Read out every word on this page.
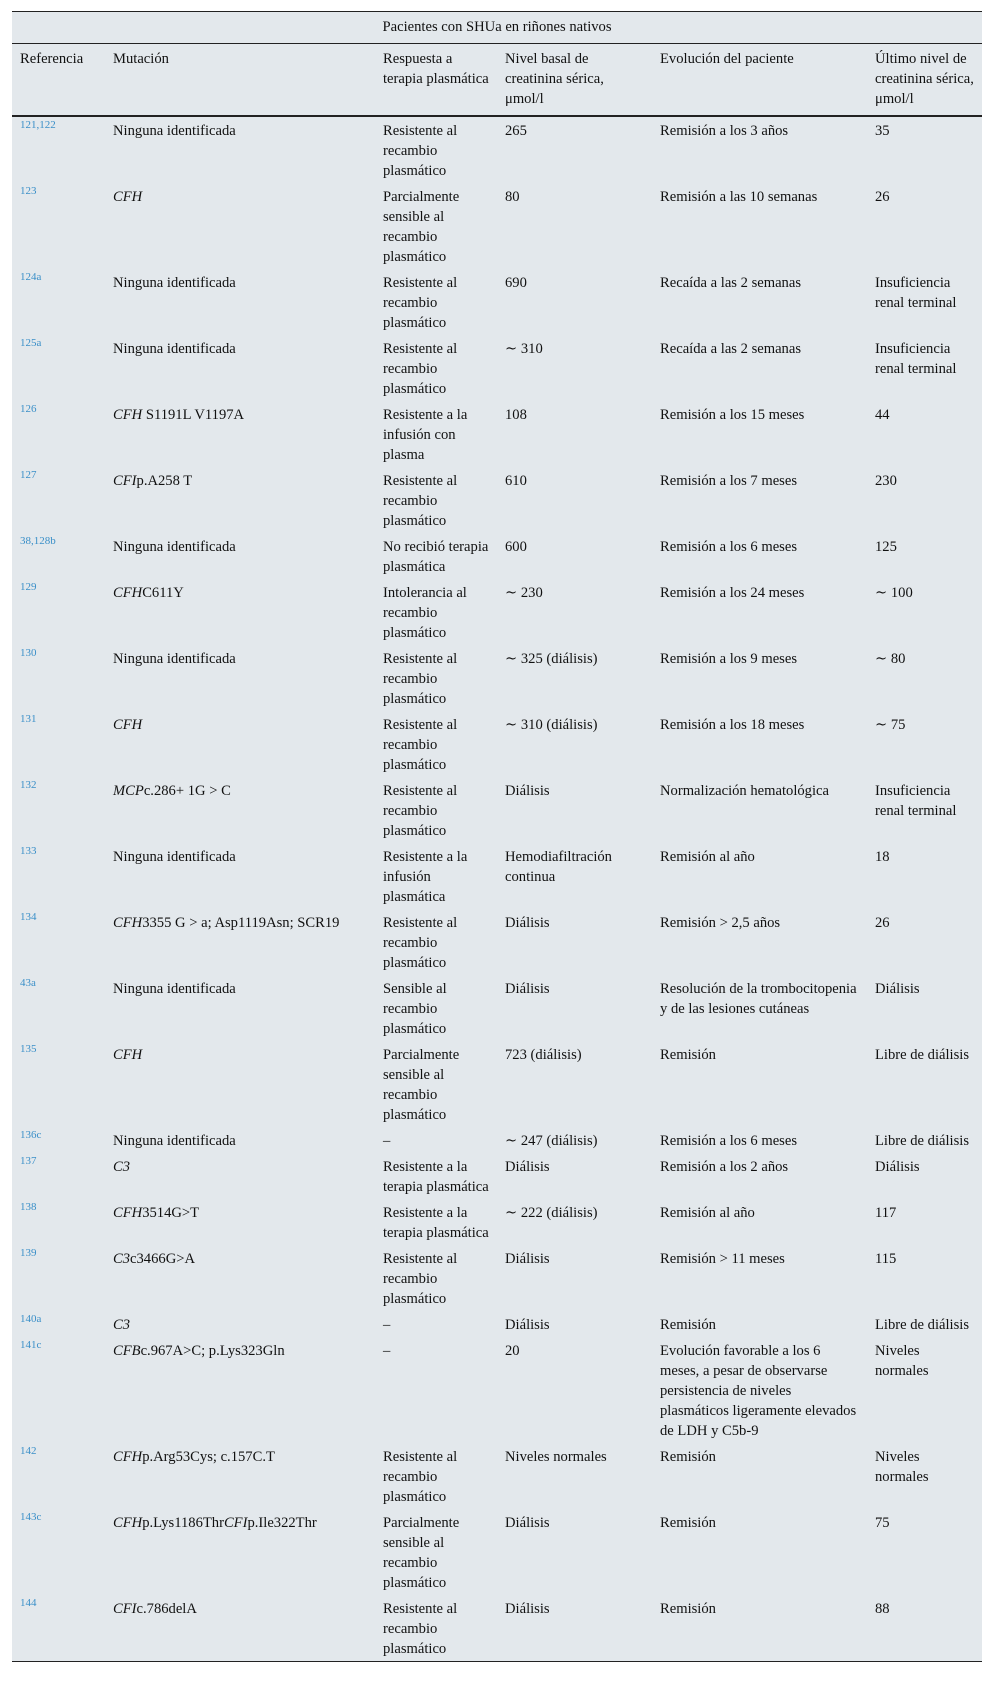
Pacientes con SHUa en riñones nativos					
Referencia	Mutación	Respuesta a terapia plasmática	Nivel basal de creatinina sérica, μmol/l	Evolución del paciente	Último nivel de creatinina sérica, μmol/l
121,122	Ninguna identificada	Resistente al recambio plasmático	265	Remisión a los 3 años	35
123	CFH	Parcialmente sensible al recambio plasmático	80	Remisión a las 10 semanas	26
124a	Ninguna identificada	Resistente al recambio plasmático	690	Recaída a las 2 semanas	Insuficiencia renal terminal
125a	Ninguna identificada	Resistente al recambio plasmático	∼ 310	Recaída a las 2 semanas	Insuficiencia renal terminal
126	CFH S1191L V1197A	Resistente a la infusión con plasma	108	Remisión a los 15 meses	44
127	CFIp.A258 T	Resistente al recambio plasmático	610	Remisión a los 7 meses	230
38,128b	Ninguna identificada	No recibió terapia plasmática	600	Remisión a los 6 meses	125
129	CFHC611Y	Intolerancia al recambio plasmático	∼ 230	Remisión a los 24 meses	∼ 100
130	Ninguna identificada	Resistente al recambio plasmático	∼ 325 (diálisis)	Remisión a los 9 meses	∼ 80
131	CFH	Resistente al recambio plasmático	∼ 310 (diálisis)	Remisión a los 18 meses	∼ 75
132	MCPc.286+ 1G > C	Resistente al recambio plasmático	Diálisis	Normalización hematológica	Insuficiencia renal terminal
133	Ninguna identificada	Resistente a la infusión plasmática	Hemodiafiltración continua	Remisión al año	18
134	CFH3355 G > a; Asp1119Asn; SCR19	Resistente al recambio plasmático	Diálisis	Remisión > 2,5 años	26
43a	Ninguna identificada	Sensible al recambio plasmático	Diálisis	Resolución de la trombocitopenia y de las lesiones cutáneas	Diálisis
135	CFH	Parcialmente sensible al recambio plasmático	723 (diálisis)	Remisión	Libre de diálisis
136c	Ninguna identificada	–	∼ 247 (diálisis)	Remisión a los 6 meses	Libre de diálisis
137	C3	Resistente a la terapia plasmática	Diálisis	Remisión a los 2 años	Diálisis
138	CFH3514G>T	Resistente a la terapia plasmática	∼ 222 (diálisis)	Remisión al año	117
139	C3c3466G>A	Resistente al recambio plasmático	Diálisis	Remisión > 11 meses	115
140a	C3	–	Diálisis	Remisión	Libre de diálisis
141c	CFBc.967A>C; p.Lys323Gln	–	20	Evolución favorable a los 6 meses, a pesar de observarse persistencia de niveles plasmáticos ligeramente elevados de LDH y C5b-9	Niveles normales
142	CFHp.Arg53Cys; c.157C.T	Resistente al recambio plasmático	Niveles normales	Remisión	Niveles normales
143c	CFHp.Lys1186ThrCFIp.Ile322Thr	Parcialmente sensible al recambio plasmático	Diálisis	Remisión	75
144	CFIc.786delA	Resistente al recambio plasmático	Diálisis	Remisión	88
